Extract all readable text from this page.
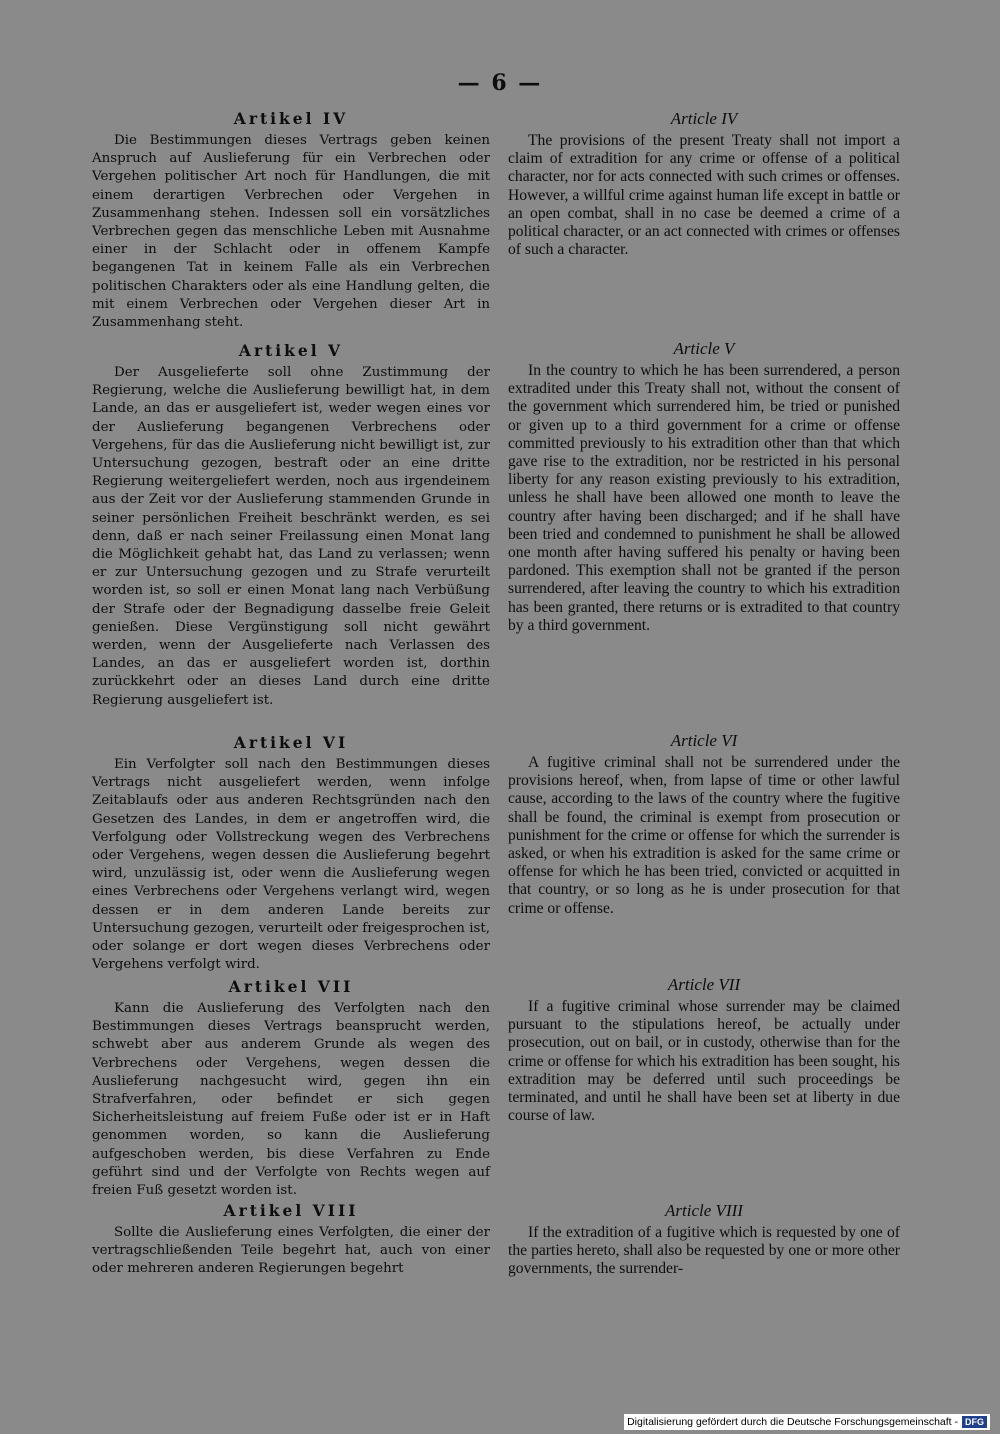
— 6 —
Artikel IV

Die Bestimmungen dieses Vertrags geben keinen Anspruch auf Auslieferung für ein Verbrechen oder Vergehen politischer Art noch für Handlungen, die mit einem derartigen Verbrechen oder Vergehen in Zusammenhang stehen. Indessen soll ein vorsätzliches Verbrechen gegen das menschliche Leben mit Ausnahme einer in der Schlacht oder in offenem Kampfe begangenen Tat in keinem Falle als ein Verbrechen politischen Charakters oder als eine Handlung gelten, die mit einem Verbrechen oder Vergehen dieser Art in Zusammenhang steht.

Artikel V

Der Ausgelieferte soll ohne Zustimmung der Regierung, welche die Auslieferung bewilligt hat, in dem Lande, an das er ausgeliefert ist, weder wegen eines vor der Auslieferung begangenen Verbrechens oder Vergehens, für das die Auslieferung nicht bewilligt ist, zur Untersuchung gezogen, bestraft oder an eine dritte Regierung weitergeliefert werden, noch aus irgendeinem aus der Zeit vor der Auslieferung stammenden Grunde in seiner persönlichen Freiheit beschränkt werden, es sei denn, daß er nach seiner Freilassung einen Monat lang die Möglichkeit gehabt hat, das Land zu verlassen; wenn er zur Untersuchung gezogen und zu Strafe verurteilt worden ist, so soll er einen Monat lang nach Verbüßung der Strafe oder der Begnadigung dasselbe freie Geleit genießen. Diese Vergünstigung soll nicht gewährt werden, wenn der Ausgelieferte nach Verlassen des Landes, an das er ausgeliefert worden ist, dorthin zurückkehrt oder an dieses Land durch eine dritte Regierung ausgeliefert ist.

Artikel VI

Ein Verfolgter soll nach den Bestimmungen dieses Vertrags nicht ausgeliefert werden, wenn infolge Zeitablaufs oder aus anderen Rechtsgründen nach den Gesetzen des Landes, in dem er angetroffen wird, die Verfolgung oder Vollstreckung wegen des Verbrechens oder Vergehens, wegen dessen die Auslieferung begehrt wird, unzulässig ist, oder wenn die Auslieferung wegen eines Verbrechens oder Vergehens verlangt wird, wegen dessen er in dem anderen Lande bereits zur Untersuchung gezogen, verurteilt oder freigesprochen ist, oder solange er dort wegen dieses Verbrechens oder Vergehens verfolgt wird.

Artikel VII

Kann die Auslieferung des Verfolgten nach den Bestimmungen dieses Vertrags beansprucht werden, schwebt aber aus anderem Grunde als wegen des Verbrechens oder Vergehens, wegen dessen die Auslieferung nachgesucht wird, gegen ihn ein Strafverfahren, oder befindet er sich gegen Sicherheitsleistung auf freiem Fuße oder ist er in Haft genommen worden, so kann die Auslieferung aufgeschoben werden, bis diese Verfahren zu Ende geführt sind und der Verfolgte von Rechts wegen auf freien Fuß gesetzt worden ist.

Artikel VIII

Sollte die Auslieferung eines Verfolgten, die einer der vertragschließenden Teile begehrt hat, auch von einer oder mehreren anderen Regierungen begehrt

Article IV

The provisions of the present Treaty shall not import a claim of extradition for any crime or offense of a political character, nor for acts connected with such crimes or offenses. However, a willful crime against human life except in battle or an open combat, shall in no case be deemed a crime of a political character, or an act connected with crimes or offenses of such a character.

Article V

In the country to which he has been surrendered, a person extradited under this Treaty shall not, without the consent of the government which surrendered him, be tried or punished or given up to a third government for a crime or offense committed previously to his extradition other than that which gave rise to the extradition, nor be restricted in his personal liberty for any reason existing previously to his extradition, unless he shall have been allowed one month to leave the country after having been discharged; and if he shall have been tried and condemned to punishment he shall be allowed one month after having suffered his penalty or having been pardoned. This exemption shall not be granted if the person surrendered, after leaving the country to which his extradition has been granted, there returns or is extradited to that country by a third government.

Article VI

A fugitive criminal shall not be surrendered under the provisions hereof, when, from lapse of time or other lawful cause, according to the laws of the country where the fugitive shall be found, the criminal is exempt from prosecution or punishment for the crime or offense for which the surrender is asked, or when his extradition is asked for the same crime or offense for which he has been tried, convicted or acquitted in that country, or so long as he is under prosecution for that crime or offense.

Article VII

If a fugitive criminal whose surrender may be claimed pursuant to the stipulations hereof, be actually under prosecution, out on bail, or in custody, otherwise than for the crime or offense for which his extradition has been sought, his extradition may be deferred until such proceedings be terminated, and until he shall have been set at liberty in due course of law.

Article VIII

If the extradition of a fugitive which is requested by one of the parties hereto, shall also be requested by one or more other governments, the surrender-

Digitalisierung gefördert durch die Deutsche Forschungsgemeinschaft - DFG
